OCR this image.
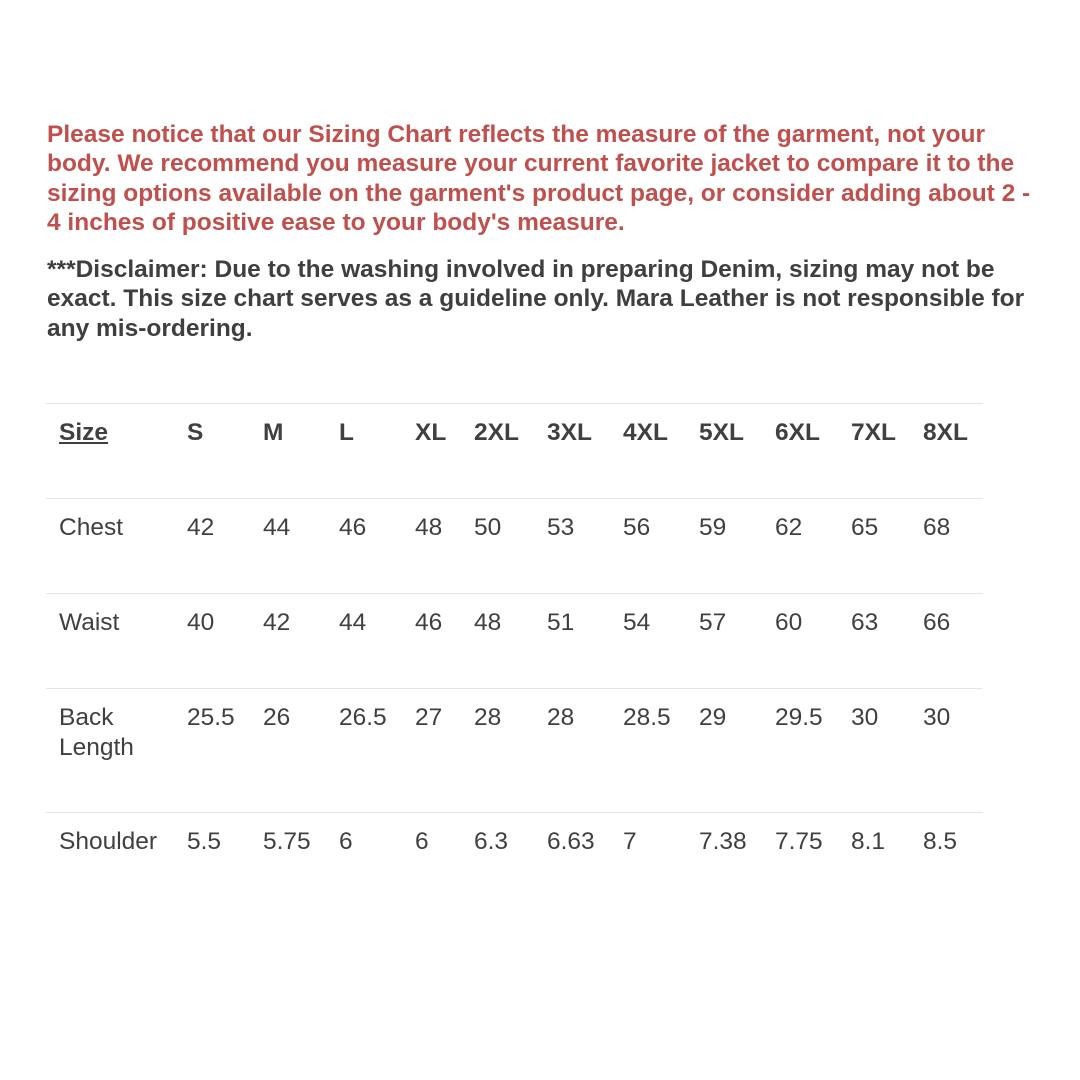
Please notice that our Sizing Chart reflects the measure of the garment, not your body. We recommend you measure your current favorite jacket to compare it to the sizing options available on the garment's product page, or consider adding about 2 - 4 inches of positive ease to your body's measure.

***Disclaimer: Due to the washing involved in preparing Denim, sizing may not be exact. This size chart serves as a guideline only. Mara Leather is not responsible for any mis-ordering.

Size	S	M	L	XL	2XL	3XL	4XL	5XL	6XL	7XL	8XL
Chest	42	44	46	48	50	53	56	59	62	65	68
Waist	40	42	44	46	48	51	54	57	60	63	66
Back Length	25.5	26	26.5	27	28	28	28.5	29	29.5	30	30
Shoulder	5.5	5.75	6	6	6.3	6.63	7	7.38	7.75	8.1	8.5
